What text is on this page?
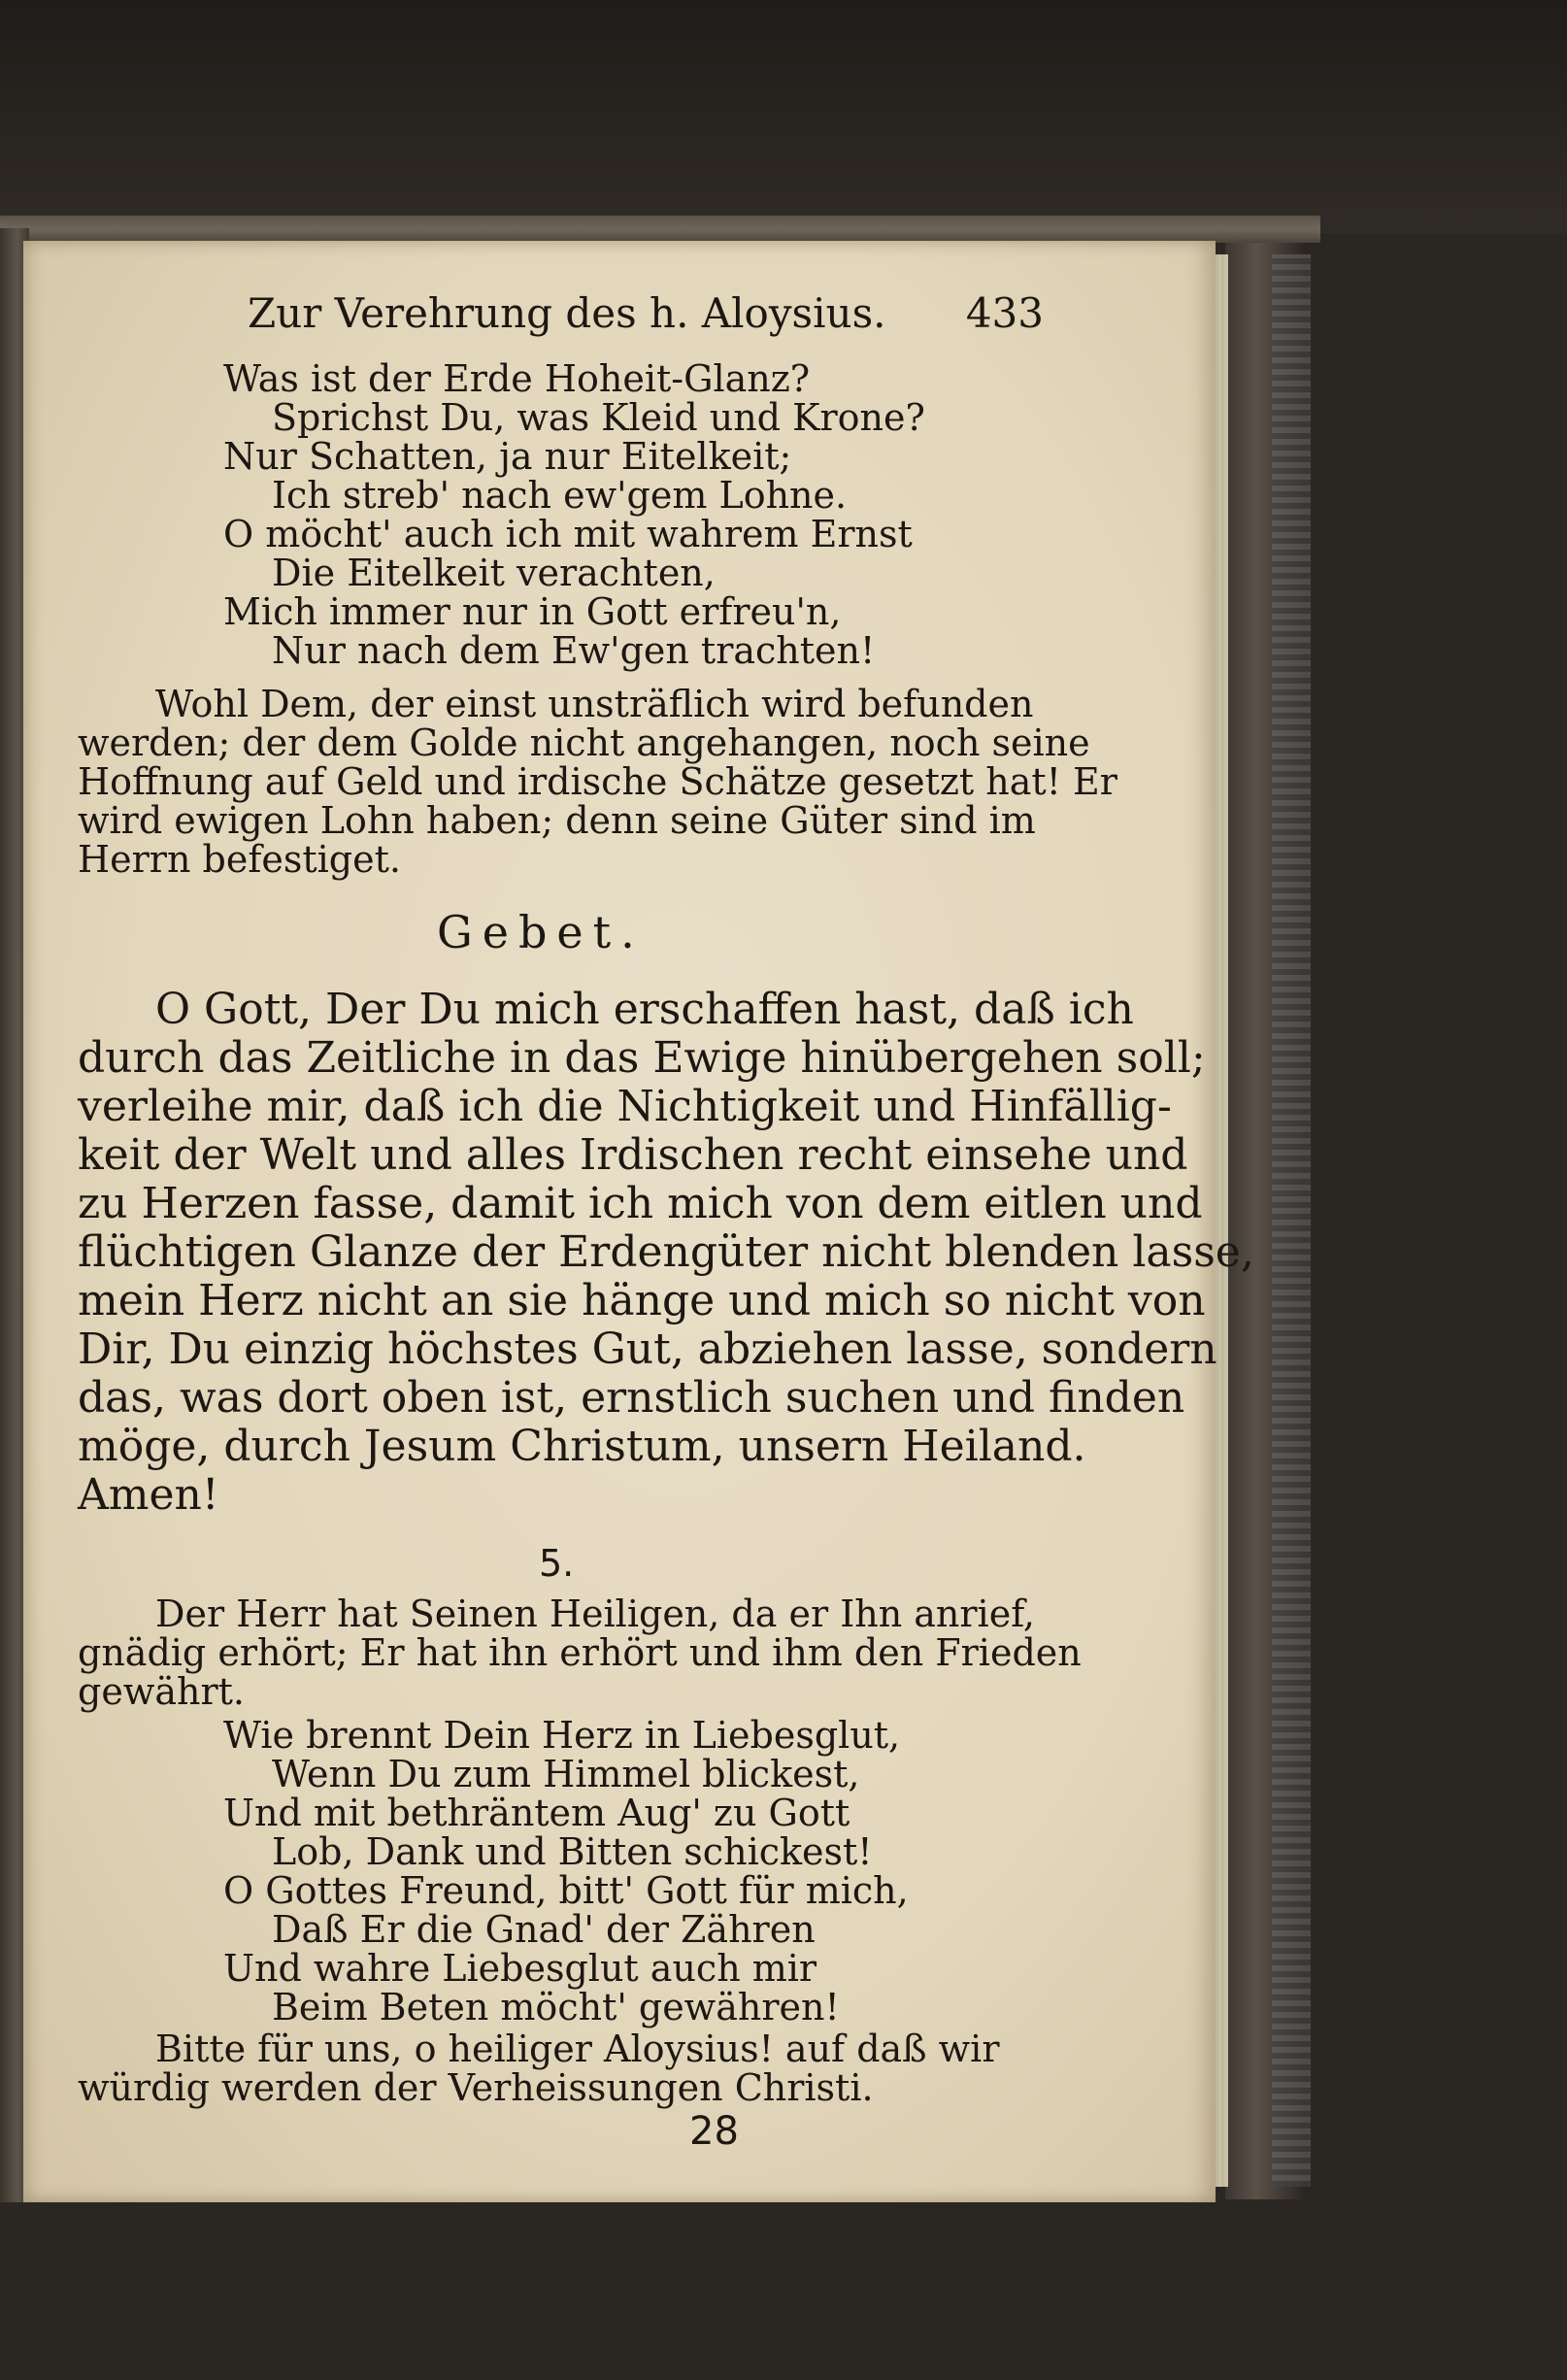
Zur Verehrung des h. Aloysius. 433
Was ist der Erde Hoheit-Glanz?
Sprichst Du, was Kleid und Krone?
Nur Schatten, ja nur Eitelkeit;
Ich streb' nach ew'gem Lohne.
O möcht' auch ich mit wahrem Ernst
Die Eitelkeit verachten,
Mich immer nur in Gott erfreu'n,
Nur nach dem Ew'gen trachten!
Wohl Dem, der einst unsträflich wird befunden
werden; der dem Golde nicht angehangen, noch seine
Hoffnung auf Geld und irdische Schätze gesetzt hat! Er
wird ewigen Lohn haben; denn seine Güter sind im
Herrn befestiget.
Gebet.
O Gott, Der Du mich erschaffen hast, daß ich
durch das Zeitliche in das Ewige hinübergehen soll;
verleihe mir, daß ich die Nichtigkeit und Hinfällig-
keit der Welt und alles Irdischen recht einsehe und
zu Herzen fasse, damit ich mich von dem eitlen und
flüchtigen Glanze der Erdengüter nicht blenden lasse,
mein Herz nicht an sie hänge und mich so nicht von
Dir, Du einzig höchstes Gut, abziehen lasse, sondern
das, was dort oben ist, ernstlich suchen und finden
möge, durch Jesum Christum, unsern Heiland.
Amen!
5.
Der Herr hat Seinen Heiligen, da er Ihn anrief,
gnädig erhört; Er hat ihn erhört und ihm den Frieden
gewährt.
Wie brennt Dein Herz in Liebesglut,
Wenn Du zum Himmel blickest,
Und mit bethräntem Aug' zu Gott
Lob, Dank und Bitten schickest!
O Gottes Freund, bitt' Gott für mich,
Daß Er die Gnad' der Zähren
Und wahre Liebesglut auch mir
Beim Beten möcht' gewähren!
Bitte für uns, o heiliger Aloysius! auf daß wir
würdig werden der Verheissungen Christi.
28
